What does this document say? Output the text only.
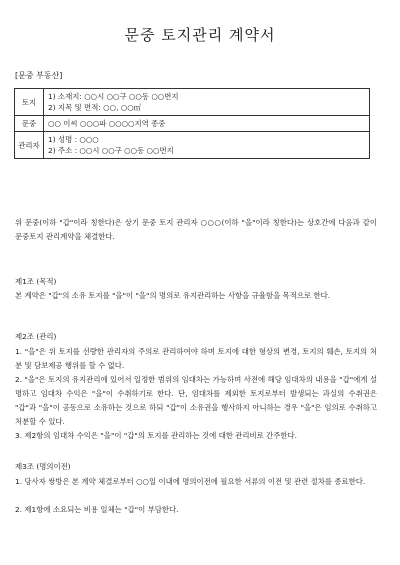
문중 토지관리 계약서
[문중 부동산]
토지	1) 소재지: ○○시 ○○구 ○○동 ○○번지
2) 지목 및 면적: ○○, ○○㎡

문중	○○ 이씨 ○○○파 ○○○○지역 종중

관리자	1) 성명 : ○○○
2) 주소 : ○○시 ○○구 ○○동 ○○번지

위 문중(이하 "갑"이라 칭한다)은 상기 문중 토지 관리자 ○○○(이하 "을"이라 칭한다)는 상호간에 다음과 같이 문중토지 관리계약을 체결한다.

제1조 (목적)

본 계약은 "갑"의 소유 토지를 "을"이 "을"의 명의로 유지관리하는 사항을 규율함을 목적으로 한다.

제2조 (관리)

1. "을"은 위 토지를 선량한 관리자의 주의로 관리하여야 하며 토지에 대한 형상의 변경, 토지의 훼손, 토지의 처분 및 담보제공 행위를 할 수 없다.

2. "을"은 토지의 유지관리에 있어서 일정한 범위의 임대차는 가능하며 사전에 해당 임대차의 내용을 "갑"에게 설명하고 임대차 수익은 "을"이 수취하기로 한다. 단, 임대차를 제외한 토지로부터 발생되는 과실의 수취권은 "갑"과 "을"이 공동으로 소유하는 것으로 하되 "갑"이 소유권을 행사하지 아니하는 경우 "을"은 임의로 수취하고 처분할 수 있다.

3. 제2항의 임대차 수익은 "을"이 "갑"의 토지를 관리하는 것에 대한 관리비로 간주한다.

제3조 (명의이전)

1. 당사자 쌍방은 본 계약 체결로부터 ○○일 이내에 명의이전에 필요한 서류의 이전 및 관련 절차를 종료한다.

2. 제1항에 소요되는 비용 일체는 "갑"이 부담한다.
